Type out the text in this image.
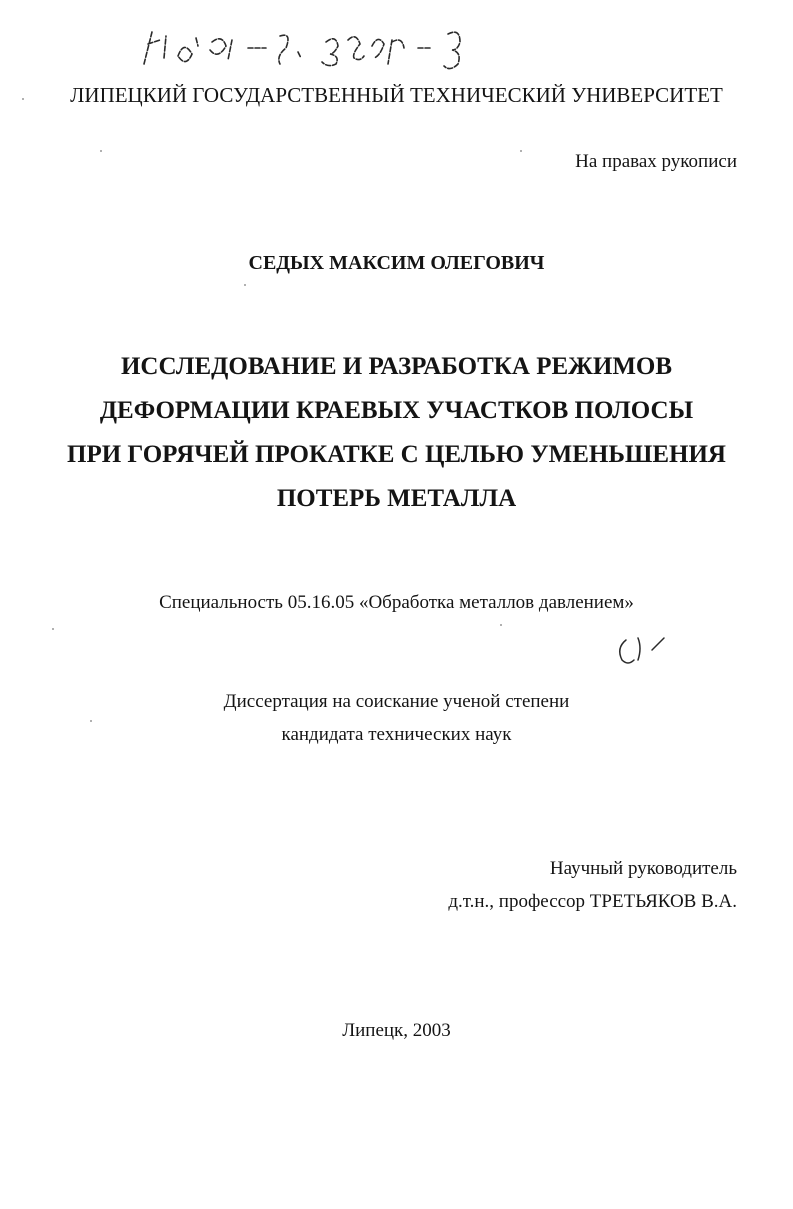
ЛИПЕЦКИЙ ГОСУДАРСТВЕННЫЙ ТЕХНИЧЕСКИЙ УНИВЕРСИТЕТ
На правах рукописи
СЕДЫХ МАКСИМ ОЛЕГОВИЧ
ИССЛЕДОВАНИЕ И РАЗРАБОТКА РЕЖИМОВ
ДЕФОРМАЦИИ КРАЕВЫХ УЧАСТКОВ ПОЛОСЫ
ПРИ ГОРЯЧЕЙ ПРОКАТКЕ С ЦЕЛЬЮ УМЕНЬШЕНИЯ
ПОТЕРЬ МЕТАЛЛА
Специальность 05.16.05 «Обработка металлов давлением»
Диссертация на соискание ученой степени
кандидата технических наук
Научный руководитель
д.т.н., профессор ТРЕТЬЯКОВ В.А.
Липецк, 2003
